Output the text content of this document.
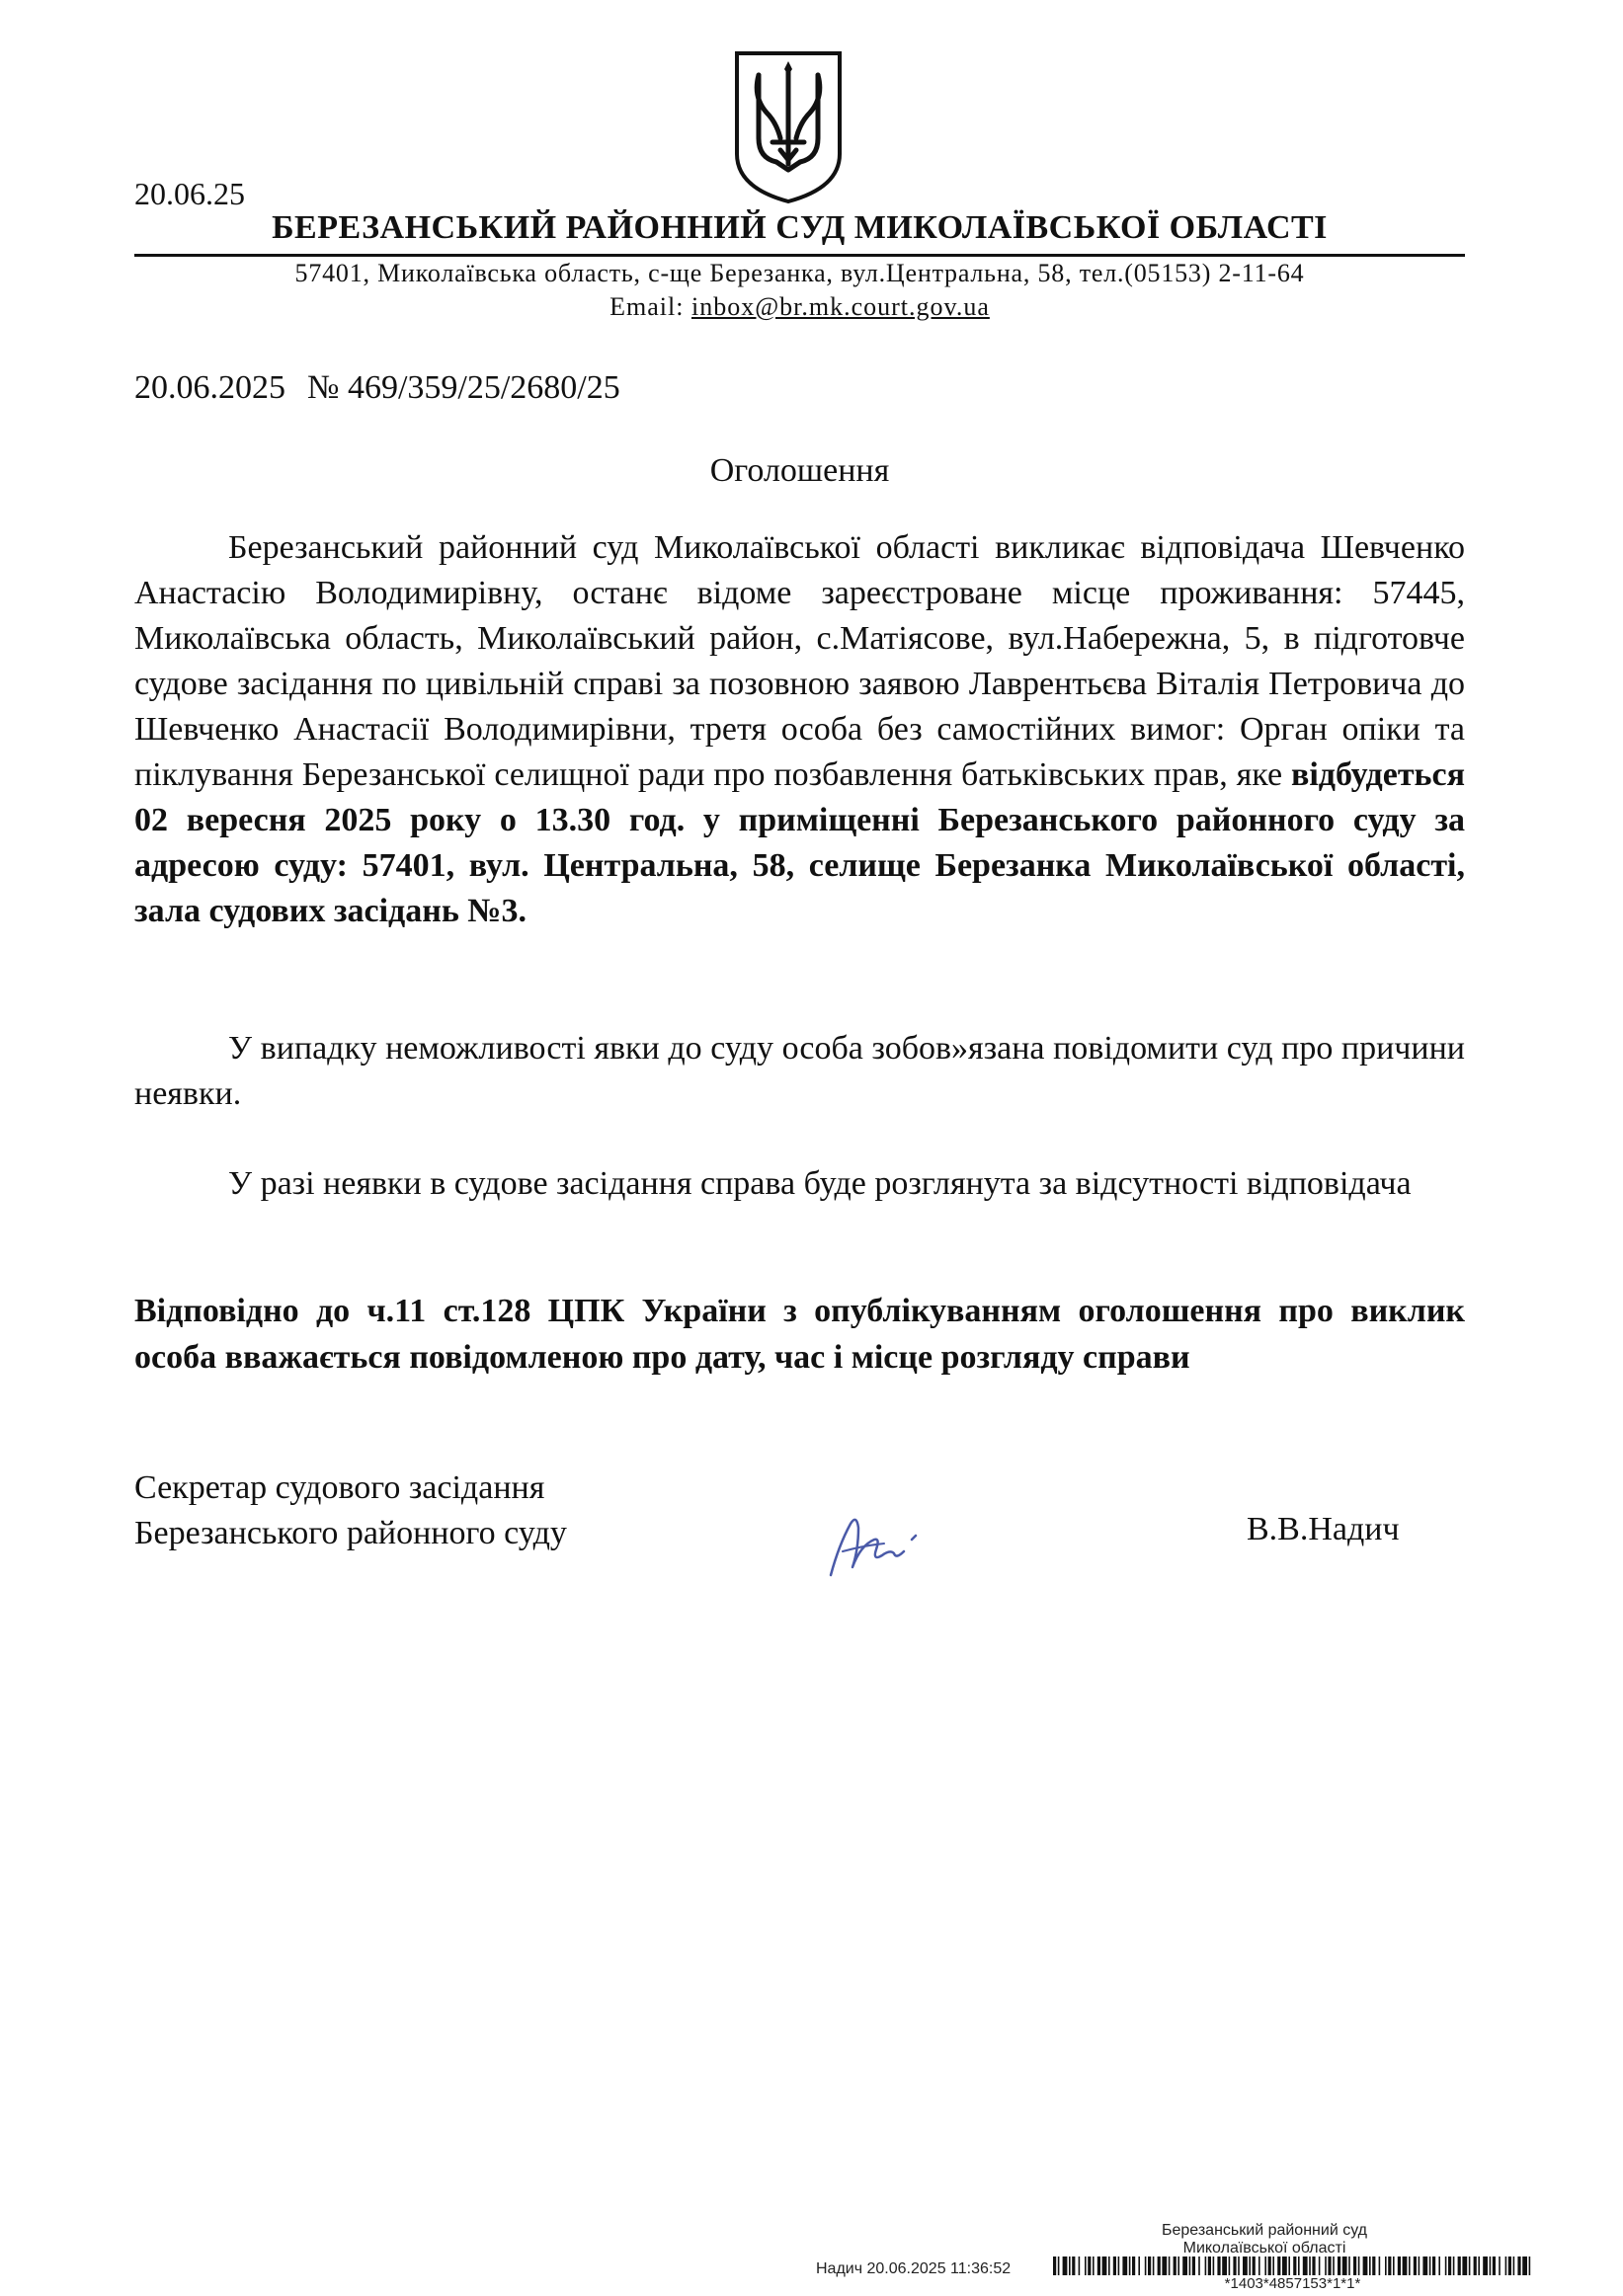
20.06.25
БЕРЕЗАНСЬКИЙ РАЙОННИЙ СУД МИКОЛАЇВСЬКОЇ ОБЛАСТІ
57401, Миколаївська область, с-ще Березанка, вул.Центральна, 58, тел.(05153) 2-11-64
Email: inbox@br.mk.court.gov.ua
20.06.2025 № 469/359/25/2680/25
Оголошення
Березанський районний суд Миколаївської області викликає відповідача Шевченко Анастасію Володимирівну, останє відоме зареєстроване місце проживання: 57445, Миколаївська область, Миколаївський район, с.Матіясове, вул.Набережна, 5, в підготовче судове засідання по цивільній справі за позовною заявою Лаврентьєва Віталія Петровича до Шевченко Анастасії Володимирівни, третя особа без самостійних вимог: Орган опіки та піклування Березанської селищної ради про позбавлення батьківських прав, яке відбудеться 02 вересня 2025 року о 13.30 год. у приміщенні Березанського районного суду за адресою суду: 57401, вул. Центральна, 58, селище Березанка Миколаївської області, зала судових засідань №3.
У випадку неможливості явки до суду особа зобов»язана повідомити суд про причини неявки.
У разі неявки в судове засідання справа буде розглянута за відсутності відповідача
Відповідно до ч.11 ст.128 ЦПК України з опублікуванням оголошення про виклик особа вважається повідомленою про дату, час і місце розгляду справи
Секретар судового засідання
Березанського районного суду	В.В.Надич
Березанський районний суд
Миколаївської області
Надич 20.06.2025 11:36:52
*1403*4857153*1*1*
